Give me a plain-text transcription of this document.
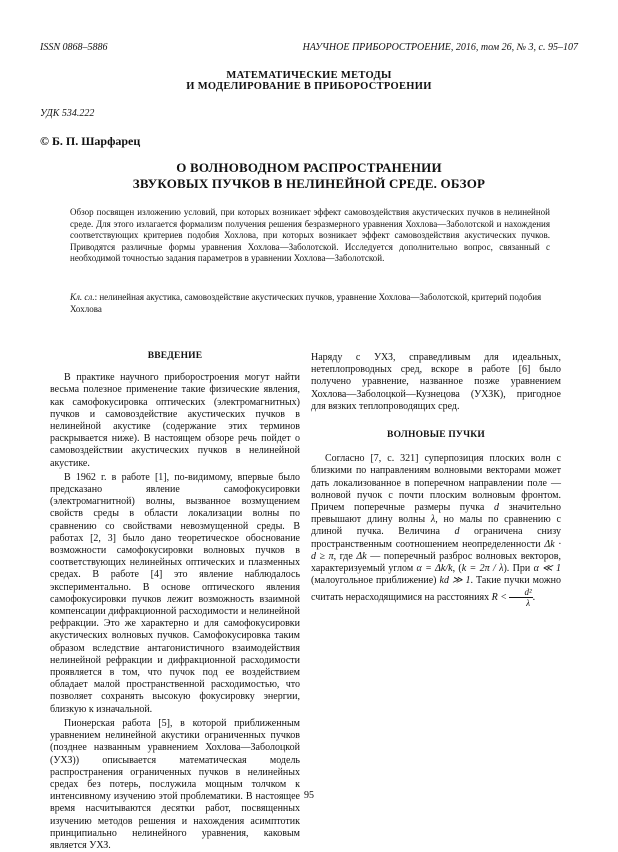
ISSN 0868–5886	НАУЧНОЕ ПРИБОРОСТРОЕНИЕ, 2016, том 26, № 3, с. 95–107
МАТЕМАТИЧЕСКИЕ МЕТОДЫ
И МОДЕЛИРОВАНИЕ В ПРИБОРОСТРОЕНИИ
УДК 534.222
© Б. П. Шарфарец
О ВОЛНОВОДНОМ РАСПРОСТРАНЕНИИ
ЗВУКОВЫХ ПУЧКОВ В НЕЛИНЕЙНОЙ СРЕДЕ. ОБЗОР
Обзор посвящен изложению условий, при которых возникает эффект самовоздействия акустических пучков в нелинейной среде. Для этого излагается формализм получения решения безразмерного уравнения Хохлова—Заболотской и нахождения соответствующих критериев подобия Хохлова, при которых возникает эффект самовоздействия акустических пучков. Приводятся различные формы уравнения Хохлова—Заболотской. Исследуется дополнительно вопрос, связанный с необходимой точностью задания параметров в уравнении Хохлова—Заболотской.
Кл. сл.: нелинейная акустика, самовоздействие акустических пучков, уравнение Хохлова—Заболотской, критерий подобия Хохлова
ВВЕДЕНИЕ

В практике научного приборостроения могут найти весьма полезное применение такие физические явления, как самофокусировка оптических (электромагнитных) пучков и самовоздействие акустических пучков в нелинейной акустике (содержание этих терминов раскрывается ниже). В настоящем обзоре речь пойдет о самовоздействии акустических пучков в нелинейной акустике.

В 1962 г. в работе [1], по-видимому, впервые было предсказано явление самофокусировки (электромагнитной) волны, вызванное возмущением свойств среды в области локализации волны по сравнению со свойствами невозмущенной среды. В работах [2, 3] было дано теоретическое обоснование возможности самофокусировки волновых пучков в соответствующих нелинейных оптических и плазменных средах. В работе [4] это явление наблюдалось экспериментально. В основе оптического явления самофокусировки пучков лежит возможность взаимной компенсации дифракционной расходимости и нелинейной рефракции. Это же характерно и для самофокусировки акустических волновых пучков. Самофокусировка таким образом вследствие антагонистичного взаимодействия нелинейной рефракции и дифракционной расходимости проявляется в том, что пучок под ее воздействием обладает малой пространственной расходимостью, что позволяет сохранять высокую фокусировку энергии, близкую к изначальной.

Пионерская работа [5], в которой приближенным уравнением нелинейной акустики ограниченных пучков (позднее названным уравнением Хохлова—Заболоцкой (УХЗ)) описывается математическая модель распространения ограниченных пучков в нелинейных средах без потерь, послужила мощным толчком к интенсивному изучению этой проблематики. В настоящее время насчитываются десятки работ, посвященных изучению методов решения и нахождения асимптотик принципиально нелинейного уравнения, каковым является УХЗ.

Наряду с УХЗ, справедливым для идеальных, нетеплопроводных сред, вскоре в работе [6] было получено уравнение, названное позже уравнением Хохлова—Заболоцкой—Кузнецова (УХЗК), пригодное для вязких теплопроводящих сред.

ВОЛНОВЫЕ ПУЧКИ

Согласно [7, с. 321] суперпозиция плоских волн с близкими по направлениям волновыми векторами может дать локализованное в поперечном направлении поле — волновой пучок с почти плоским волновым фронтом. Причем поперечные размеры пучка d значительно превышают длину волны λ, но малы по сравнению с длиной пучка. Величина d ограничена снизу пространственным соотношением неопределенности Δk · d ≥ π, где Δk — поперечный разброс волновых векторов, характеризуемый углом α = Δk/k, (k = 2π / λ). При α ≪ 1 (малоугольное приближение) kd ≫ 1. Такие пучки можно считать нерасходящимися на расстояниях $R < \frac{\text{d²}}{\lambda}$ .

95
